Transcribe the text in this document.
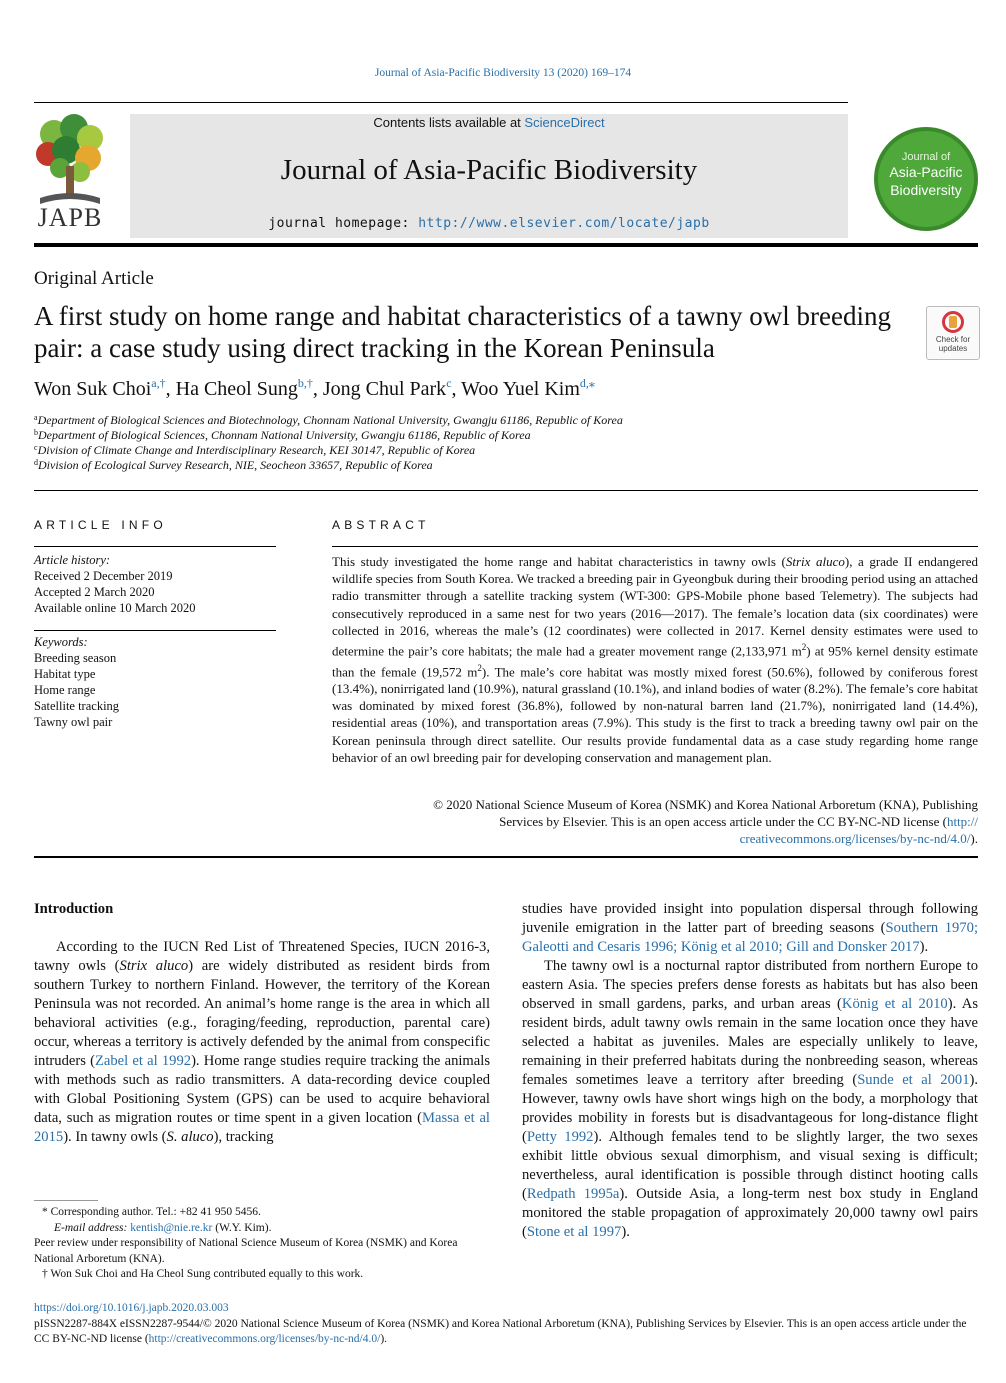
Journal of Asia-Pacific Biodiversity 13 (2020) 169–174
JAPB
Contents lists available at ScienceDirect
Journal of Asia-Pacific Biodiversity
journal homepage: http://www.elsevier.com/locate/japb
Journal of
Asia-Pacific
Biodiversity
Original Article
A first study on home range and habitat characteristics of a tawny owl breeding pair: a case study using direct tracking in the Korean Peninsula	Check for updates
Won Suk Choi$^{a,\dagger}$, Ha Cheol Sung$^{b,\dagger}$, Jong Chul Park$^c$, Woo Yuel Kim$^{d,⁎}$
$^a$Department of Biological Sciences and Biotechnology, Chonnam National University, Gwangju 61186, Republic of Korea
$^b$Department of Biological Sciences, Chonnam National University, Gwangju 61186, Republic of Korea
$^c$Division of Climate Change and Interdisciplinary Research, KEI 30147, Republic of Korea
$^d$Division of Ecological Survey Research, NIE, Seocheon 33657, Republic of Korea
ARTICLE INFO
Article history:
Received 2 December 2019
Accepted 2 March 2020
Available online 10 March 2020
Keywords:
Breeding season
Habitat type
Home range
Satellite tracking
Tawny owl pair
ABSTRACT
This study investigated the home range and habitat characteristics in tawny owls (Strix aluco), a grade II endangered wildlife species from South Korea. We tracked a breeding pair in Gyeongbuk during their brooding period using an attached radio transmitter through a satellite tracking system (WT-300: GPS-Mobile phone based Telemetry). The subjects had consecutively reproduced in a same nest for two years (2016—2017). The female’s location data (six coordinates) were collected in 2016, whereas the male’s (12 coordinates) were collected in 2017. Kernel density estimates were used to determine the pair’s core habitats; the male had a greater movement range (2,133,971 $m^2$) at 95% kernel density estimate than the female (19,572 $m^2$). The male’s core habitat was mostly mixed forest (50.6%), followed by coniferous forest (13.4%), nonirrigated land (10.9%), natural grassland (10.1%), and inland bodies of water (8.2%). The female’s core habitat was dominated by mixed forest (36.8%), followed by non-natural barren land (21.7%), nonirrigated land (14.4%), residential areas (10%), and transportation areas (7.9%). This study is the first to track a breeding tawny owl pair on the Korean peninsula through direct satellite. Our results provide fundamental data as a case study regarding home range behavior of an owl breeding pair for developing conservation and management plan.
© 2020 National Science Museum of Korea (NSMK) and Korea National Arboretum (KNA), Publishing
Services by Elsevier. This is an open access article under the CC BY-NC-ND license (http://
creativecommons.org/licenses/by-nc-nd/4.0/).

Introduction

According to the IUCN Red List of Threatened Species, IUCN 2016-3, tawny owls (Strix aluco) are widely distributed as resident birds from southern Turkey to northern Finland. However, the territory of the Korean Peninsula was not recorded. An animal’s home range is the area in which all behavioral activities (e.g., foraging/feeding, reproduction, parental care) occur, whereas a territory is actively defended by the animal from conspecific intruders (Zabel et al 1992). Home range studies require tracking the animals with methods such as radio transmitters. A data-recording device coupled with Global Positioning System (GPS) can be used to acquire behavioral data, such as migration routes or time spent in a given location (Massa et al 2015). In tawny owls (S. aluco), tracking

studies have provided insight into population dispersal through following juvenile emigration in the latter part of breeding seasons (Southern 1970; Galeotti and Cesaris 1996; König et al 2010; Gill and Donsker 2017).

The tawny owl is a nocturnal raptor distributed from northern Europe to eastern Asia. The species prefers dense forests as habitats but has also been observed in small gardens, parks, and urban areas (König et al 2010). As resident birds, adult tawny owls remain in the same location once they have selected a habitat as juveniles. Males are especially unlikely to leave, remaining in their preferred habitats during the nonbreeding season, whereas females sometimes leave a territory after breeding (Sunde et al 2001). However, tawny owls have short wings high on the body, a morphology that provides mobility in forests but is disadvantageous for long-distance flight (Petty 1992). Although females tend to be slightly larger, the two sexes exhibit little obvious sexual dimorphism, and visual sexing is difficult; nevertheless, aural identification is possible through distinct hooting calls (Redpath 1995a). Outside Asia, a long-term nest box study in England monitored the stable propagation of approximately 20,000 tawny owl pairs (Stone et al 1997).

* Corresponding author. Tel.: +82 41 950 5456.
E-mail address: kentish@nie.re.kr (W.Y. Kim).
Peer review under responsibility of National Science Museum of Korea (NSMK) and Korea National Arboretum (KNA).
† Won Suk Choi and Ha Cheol Sung contributed equally to this work.
https://doi.org/10.1016/j.japb.2020.03.003
pISSN2287-884X eISSN2287-9544/© 2020 National Science Museum of Korea (NSMK) and Korea National Arboretum (KNA), Publishing Services by Elsevier. This is an open access article under the CC BY-NC-ND license (http://creativecommons.org/licenses/by-nc-nd/4.0/).
